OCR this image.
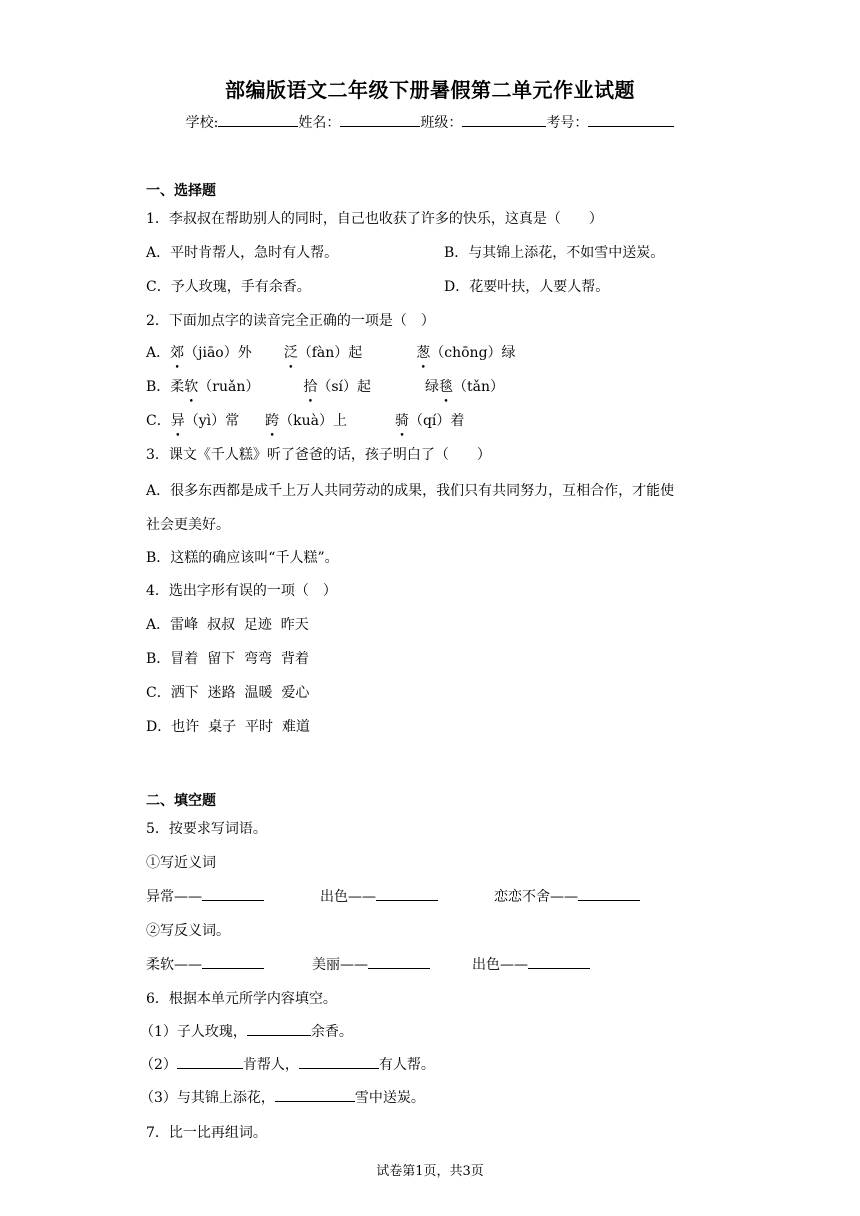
部编版语文二年级下册暑假第二单元作业试题
学校:	姓名：	班级：	考号：
一、选择题
1．李叔叔在帮助别人的同时，自己也收获了许多的快乐，这真是（　　）
A．平时肯帮人，急时有人帮。	B．与其锦上添花，不如雪中送炭。
C．予人玫瑰，手有余香。	D．花要叶扶，人要人帮。
2．下面加点字的读音完全正确的一项是（　）
A．郊（jiāo）外 泛（fàn）起	葱（chōng）绿
B．柔软（ruǎn）	拾（sí）起	绿毯（tǎn）
C．异（yì）常 跨（kuà）上	骑（qí）着
3．课文《千人糕》听了爸爸的话，孩子明白了（　　）
A．很多东西都是成千上万人共同劳动的成果，我们只有共同努力，互相合作，才能使
社会更美好。
B．这糕的确应该叫“千人糕”。
4．选出字形有误的一项（　）
A．雷峰  叔叔  足迹  昨天
B．冒着  留下  弯弯  背着
C．洒下  迷路  温暖  爱心
D．也许  桌子  平时  难道
二、填空题
5．按要求写词语。
①写近义词
异常——	出色——	恋恋不舍——
②写反义词。
柔软——	美丽——	出色——
6．根据本单元所学内容填空。
（1）子人玫瑰，	余香。
（2）	肯帮人，	有人帮。
（3）与其锦上添花，	雪中送炭。
7．比一比再组词。
试卷第1页，共3页
